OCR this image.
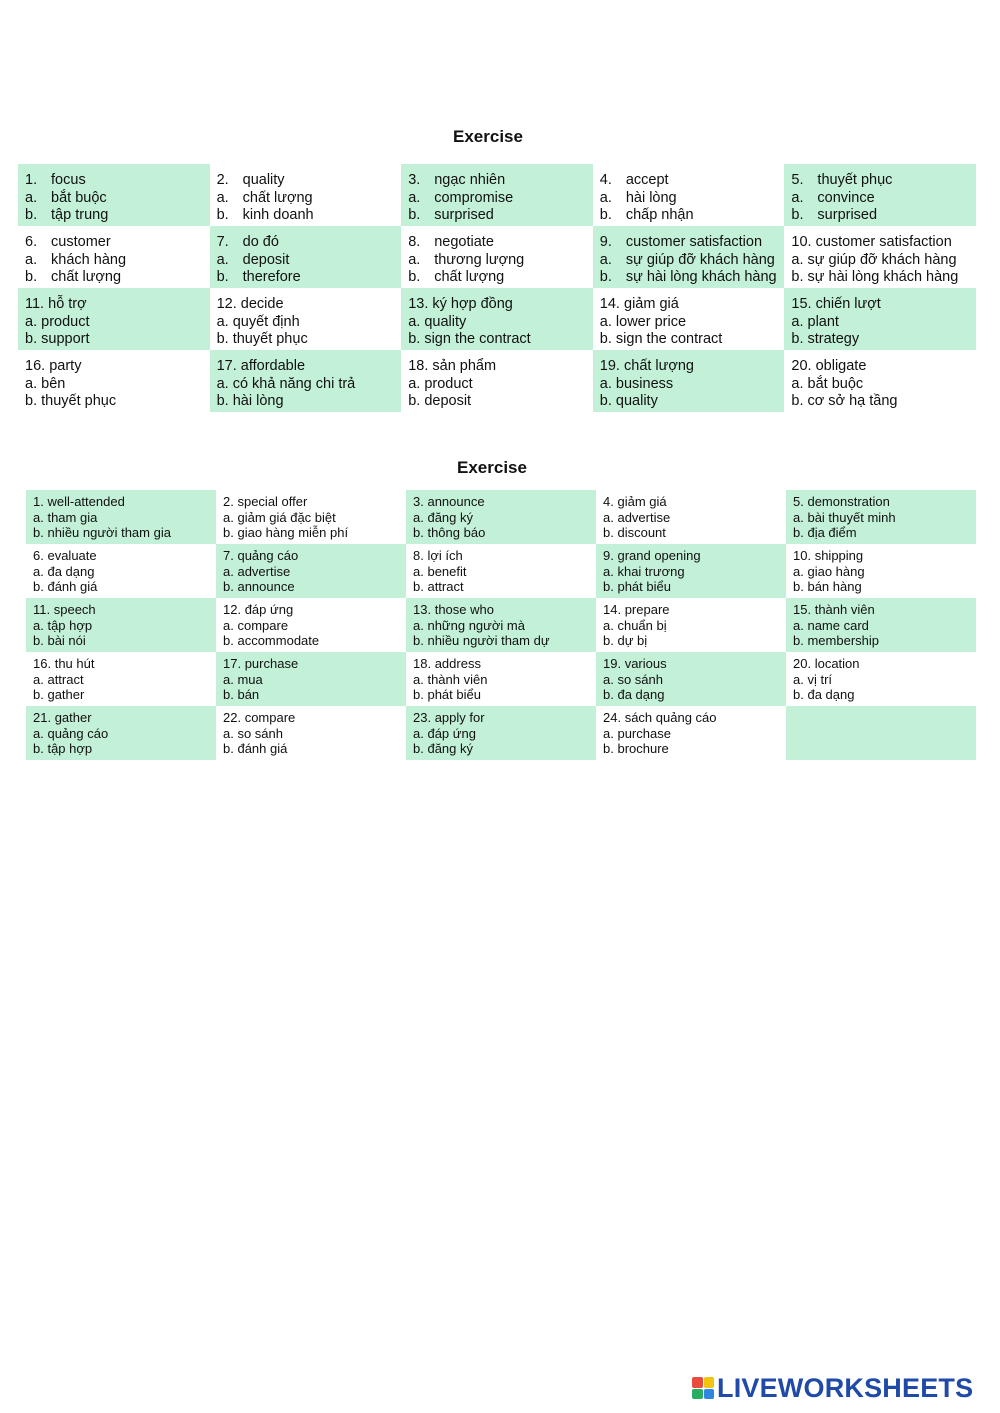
Exercise
1. focus
a. bắt buộc
b. tập trung
2. quality
a. chất lượng
b. kinh doanh
3. ngạc nhiên
a. compromise
b. surprised
4. accept
a. hài lòng
b. chấp nhận
5. thuyết phục
a. convince
b. surprised
6. customer
a. khách hàng
b. chất lượng
7. do đó
a. deposit
b. therefore
8. negotiate
a. thương lượng
b. chất lượng
9. customer satisfaction
a. sự giúp đỡ khách hàng
b. sự hài lòng khách hàng
10. customer satisfaction
a. sự giúp đỡ khách hàng
b. sự hài lòng khách hàng
11. hỗ trợ
a. product
b. support
12. decide
a. quyết định
b. thuyết phục
13. ký hợp đồng
a. quality
b. sign the contract
14. giảm giá
a. lower price
b. sign the contract
15. chiến lượt
a. plant
b. strategy
16. party
a. bên
b. thuyết phục
17. affordable
a. có khả năng chi trả
b. hài lòng
18. sản phẩm
a. product
b. deposit
19. chất lượng
a. business
b. quality
20. obligate
a. bắt buộc
b. cơ sở hạ tầng
Exercise
1. well-attended
a. tham gia
b. nhiều người tham gia
2. special offer
a. giảm giá đặc biệt
b. giao hàng miễn phí
3. announce
a. đăng ký
b. thông báo
4. giảm giá
a. advertise
b. discount
5. demonstration
a. bài thuyết minh
b. địa điểm
6. evaluate
a. đa dạng
b. đánh giá
7. quảng cáo
a. advertise
b. announce
8. lợi ích
a. benefit
b. attract
9. grand opening
a. khai trương
b. phát biểu
10. shipping
a. giao hàng
b. bán hàng
11. speech
a. tập hợp
b. bài nói
12. đáp ứng
a. compare
b. accommodate
13. those who
a. những người mà
b. nhiều người tham dự
14. prepare
a. chuẩn bị
b. dự bị
15. thành viên
a. name card
b. membership
16. thu hút
a. attract
b. gather
17. purchase
a. mua
b. bán
18. address
a. thành viên
b. phát biểu
19. various
a. so sánh
b. đa dạng
20. location
a. vị trí
b. đa dạng
21. gather
a. quảng cáo
b. tập hợp
22. compare
a. so sánh
b. đánh giá
23. apply for
a. đáp ứng
b. đăng ký
24. sách quảng cáo
a. purchase
b. brochure
LIVEWORKSHEETS
